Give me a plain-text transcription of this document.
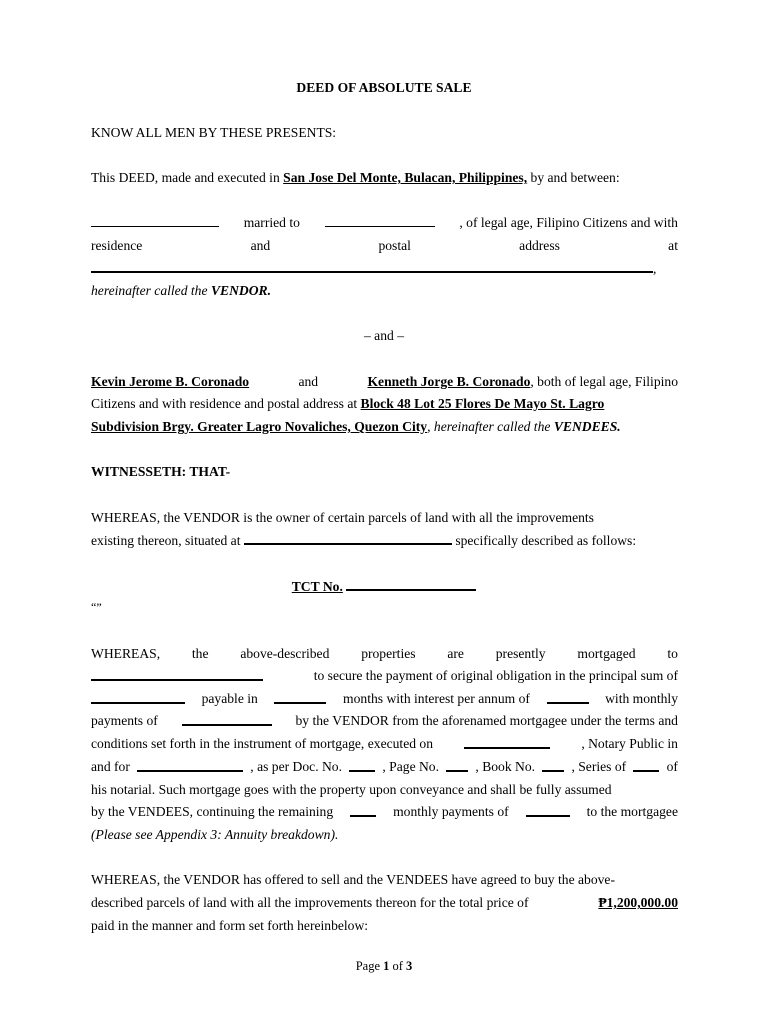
DEED OF ABSOLUTE SALE
KNOW ALL MEN BY THESE PRESENTS:
This DEED, made and executed in San Jose Del Monte, Bulacan, Philippines, by and between:
married to	, of legal age, Filipino Citizens and with
residence	and	postal	address	at
,
hereinafter called the VENDOR.
– and –
Kevin Jerome B. Coronado	and	Kenneth Jorge B. Coronado, both of legal age, Filipino
Citizens and with residence and postal address at Block 48 Lot 25 Flores De Mayo St. Lagro
Subdivision Brgy. Greater Lagro Novaliches, Quezon City, hereinafter called the VENDEES.
WITNESSETH: THAT-
WHEREAS, the VENDOR is the owner of certain parcels of land with all the improvements
existing thereon, situated at	specifically described as follows:
TCT No.
“”
WHEREAS, the above-described properties are presently mortgaged to
to secure the payment of original obligation in the principal sum of
payable in	months with interest per annum of	with monthly
payments of	by the VENDOR from the aforenamed mortgagee under the terms and
conditions set forth in the instrument of mortgage, executed on	, Notary Public in
and for	, as per Doc. No.	, Page No.	, Book No.	, Series of	of
his notarial. Such mortgage goes with the property upon conveyance and shall be fully assumed
by the VENDEES, continuing the remaining	monthly payments of	to the mortgagee
(Please see Appendix 3: Annuity breakdown).
WHEREAS, the VENDOR has offered to sell and the VENDEES have agreed to buy the above-
described parcels of land with all the improvements thereon for the total price of	₱1,200,000.00
paid in the manner and form set forth hereinbelow:
Page 1 of 3
